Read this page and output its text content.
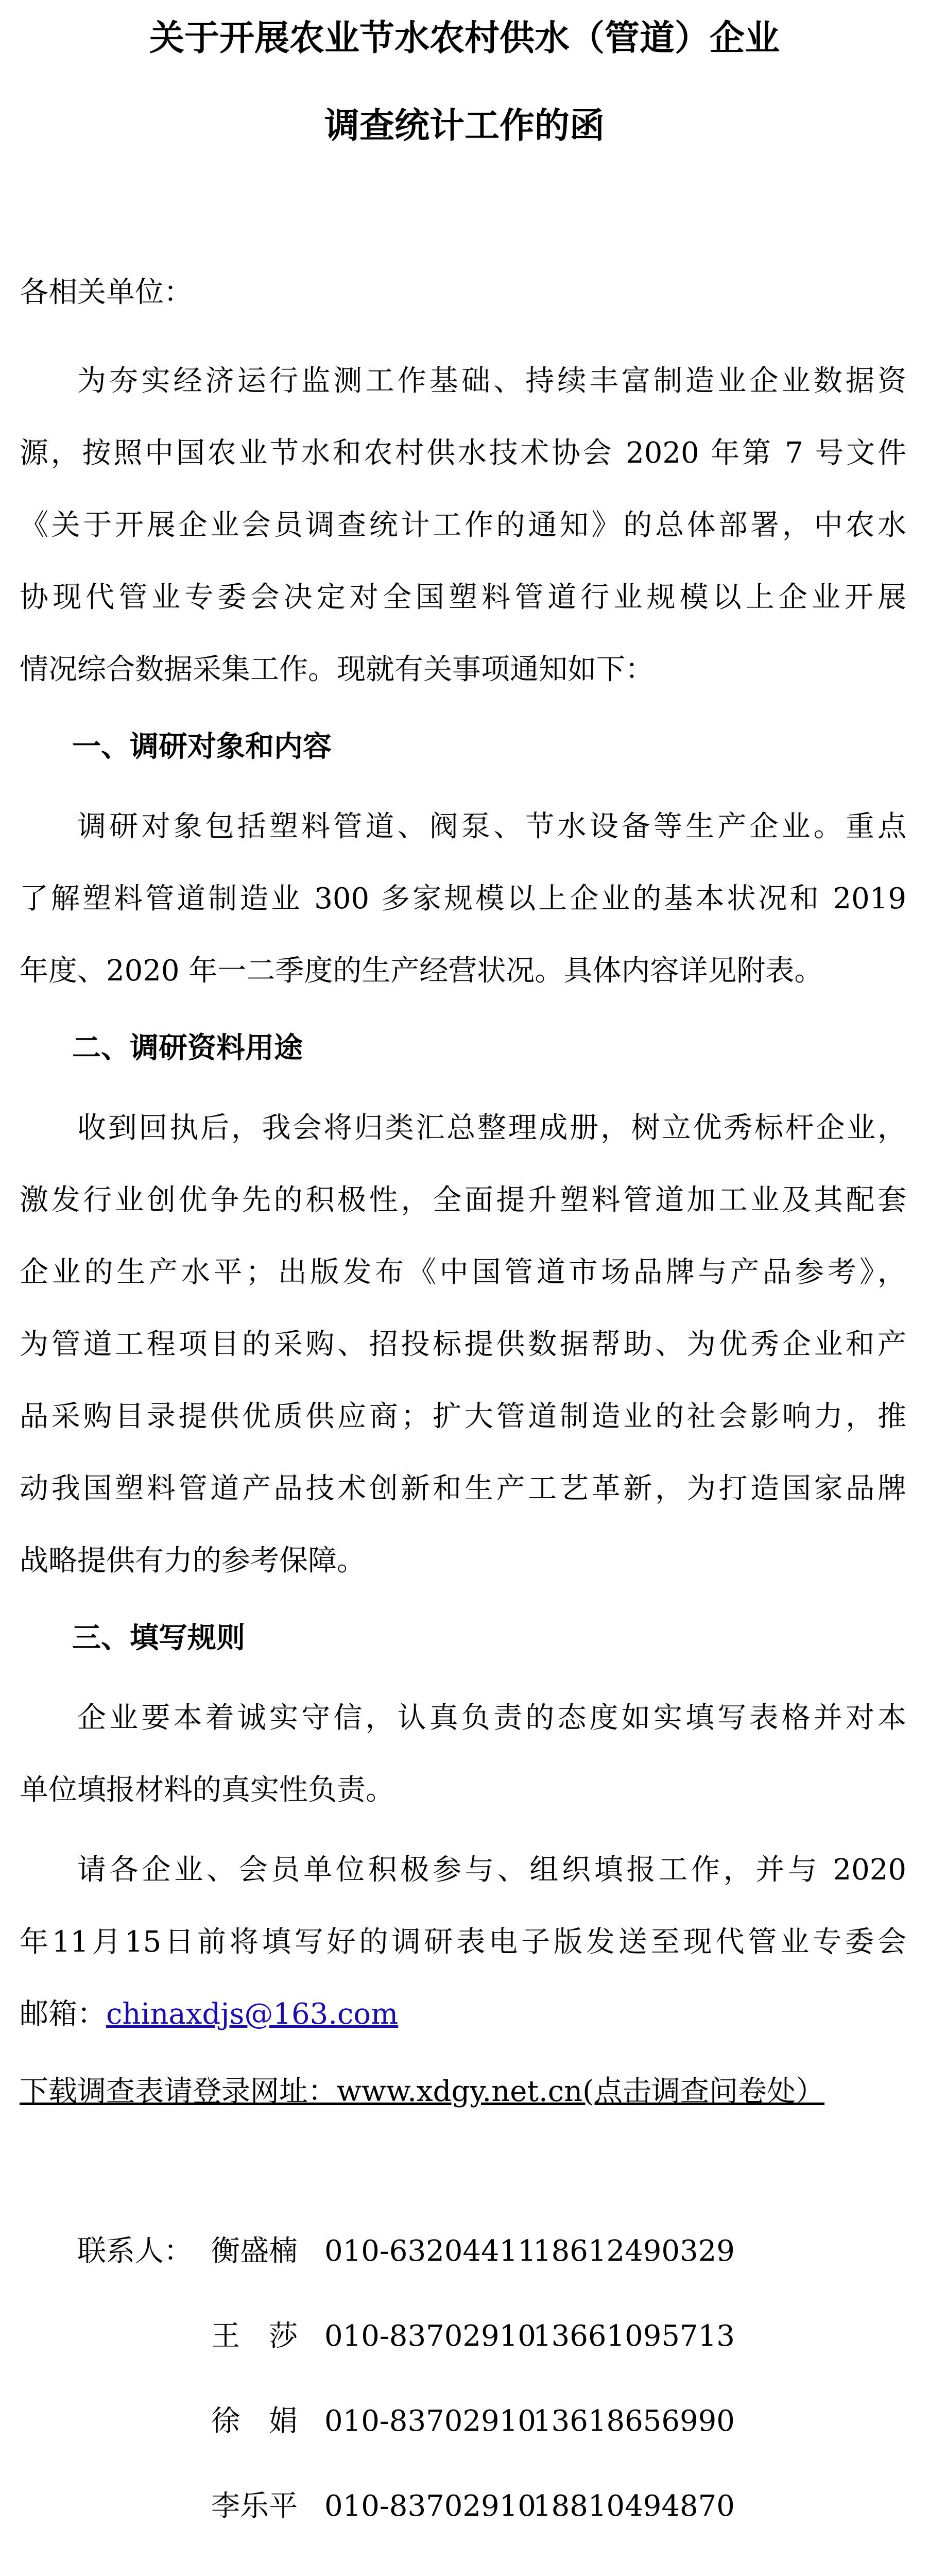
关于开展农业节水农村供水（管道）企业
调查统计工作的函

各相关单位：

为夯实经济运行监测工作基础、持续丰富制造业企业数据资

源，按照中国农业节水和农村供水技术协会 2020 年第 7 号文件

《关于开展企业会员调查统计工作的通知》的总体部署，中农水

协现代管业专委会决定对全国塑料管道行业规模以上企业开展

情况综合数据采集工作。现就有关事项通知如下：

一、调研对象和内容

调研对象包括塑料管道、阀泵、节水设备等生产企业。重点

了解塑料管道制造业 300 多家规模以上企业的基本状况和 2019

年度、2020 年一二季度的生产经营状况。具体内容详见附表。

二、调研资料用途

收到回执后，我会将归类汇总整理成册，树立优秀标杆企业，

激发行业创优争先的积极性，全面提升塑料管道加工业及其配套

企业的生产水平；出版发布《中国管道市场品牌与产品参考》，

为管道工程项目的采购、招投标提供数据帮助、为优秀企业和产

品采购目录提供优质供应商；扩大管道制造业的社会影响力，推

动我国塑料管道产品技术创新和生产工艺革新，为打造国家品牌

战略提供有力的参考保障。

三、填写规则

企业要本着诚实守信，认真负责的态度如实填写表格并对本

单位填报材料的真实性负责。

请各企业、会员单位积极参与、组织填报工作，并与 2020

年11月15日前将填写好的调研表电子版发送至现代管业专委会

邮箱：chinaxdjs@163.com

下载调查表请登录网址：www.xdgy.net.cn(点击调查问卷处）

联系人： 衡盛楠 010-63204411
18612490329
王　莎 010-83702910
13661095713
徐　娟 010-83702910
13618656990
李乐平 010-83702910
18810494870
